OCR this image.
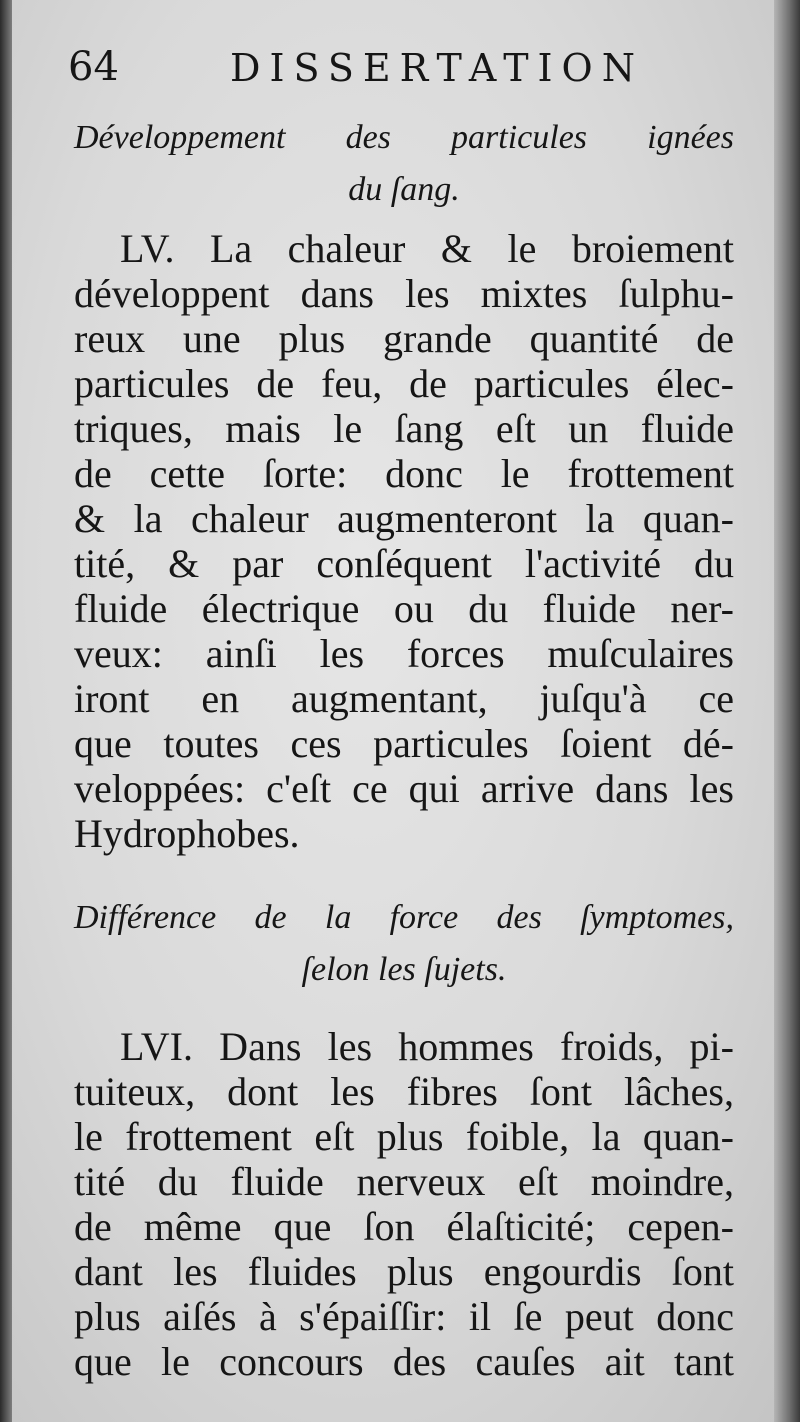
64	DISSERTATION

Développement des particules ignées
du ſang.

LV. La chaleur & le broiement
développent dans les mixtes ſulphu-
reux une plus grande quantité de
particules de feu, de particules élec-
triques, mais le ſang eſt un fluide
de cette ſorte: donc le frottement
& la chaleur augmenteront la quan-
tité, & par conſéquent l'activité du
fluide électrique ou du fluide ner-
veux: ainſi les forces muſculaires
iront en augmentant, juſqu'à ce
que toutes ces particules ſoient dé-
veloppées: c'eſt ce qui arrive dans les
Hydrophobes.

Différence de la force des ſymptomes,
ſelon les ſujets.

LVI. Dans les hommes froids, pi-
tuiteux, dont les fibres ſont lâches,
le frottement eſt plus foible, la quan-
tité du fluide nerveux eſt moindre,
de même que ſon élaſticité; cepen-
dant les fluides plus engourdis ſont
plus aiſés à s'épaiſſir: il ſe peut donc
que le concours des cauſes ait tant
